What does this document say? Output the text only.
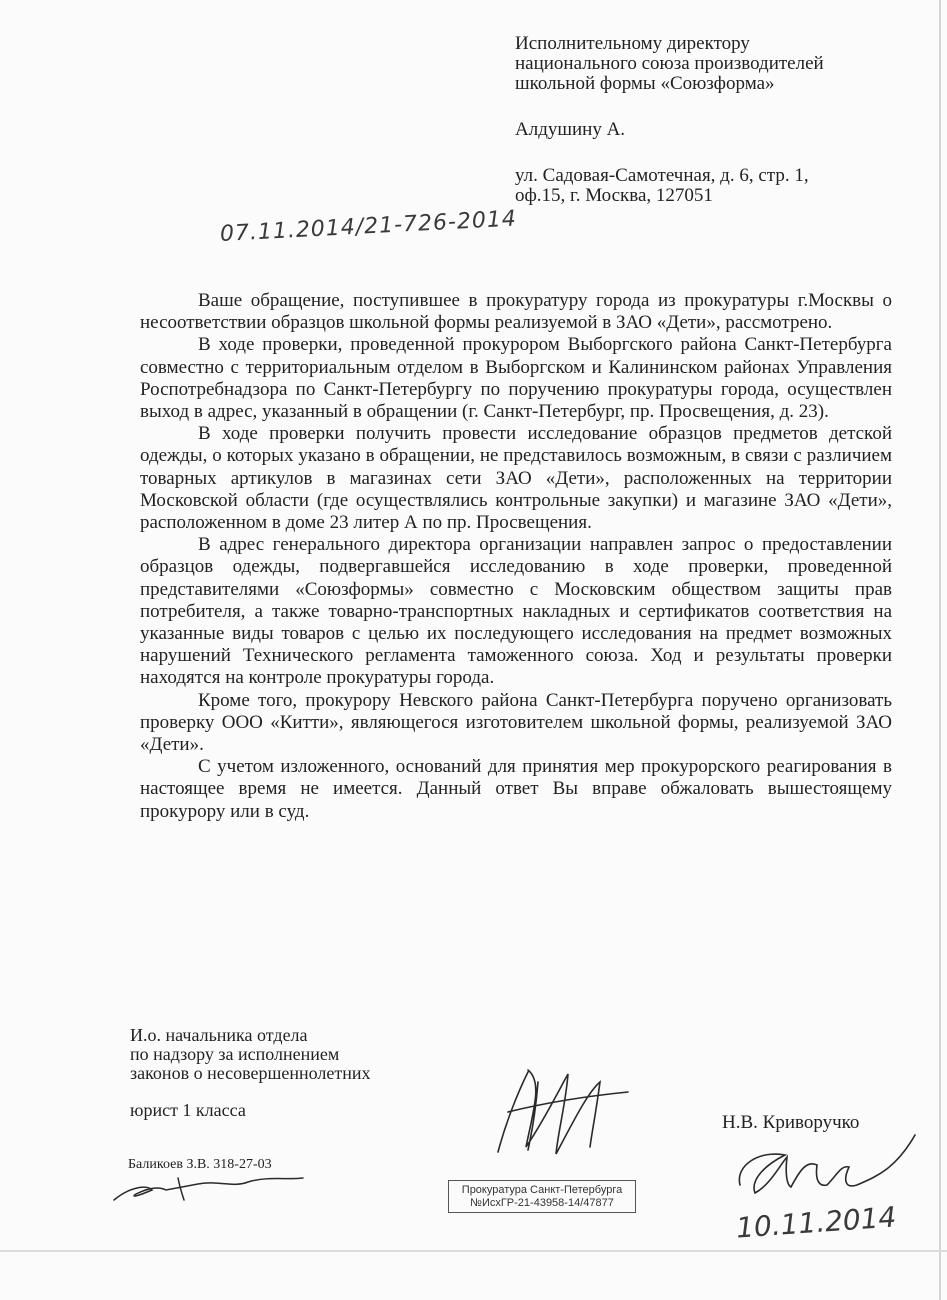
Исполнительному директору
национального союза производителей
школьной формы «Союзформа»
Алдушину А.
ул. Садовая-Самотечная, д. 6, стр. 1,
оф.15, г. Москва, 127051
07.11.2014/21-726-2014

Ваше обращение, поступившее в прокуратуру города из прокуратуры г.Москвы о несоответствии образцов школьной формы реализуемой в ЗАО «Дети», рассмотрено.

В ходе проверки, проведенной прокурором Выборгского района Санкт-Петербурга совместно с территориальным отделом в Выборгском и Калининском районах Управления Роспотребнадзора по Санкт-Петербургу по поручению прокуратуры города, осуществлен выход в адрес, указанный в обращении (г. Санкт-Петербург, пр. Просвещения, д. 23).

В ходе проверки получить провести исследование образцов предметов детской одежды, о которых указано в обращении, не представилось возможным, в связи с различием товарных артикулов в магазинах сети ЗАО «Дети», расположенных на территории Московской области (где осуществлялись контрольные закупки) и магазине ЗАО «Дети», расположенном в доме 23 литер А по пр. Просвещения.

В адрес генерального директора организации направлен запрос о предоставлении образцов одежды, подвергавшейся исследованию в ходе проверки, проведенной представителями «Союзформы» совместно с Московским обществом защиты прав потребителя, а также товарно-транспортных накладных и сертификатов соответствия на указанные виды товаров с целью их последующего исследования на предмет возможных нарушений Технического регламента таможенного союза. Ход и результаты проверки находятся на контроле прокуратуры города.

Кроме того, прокурору Невского района Санкт-Петербурга поручено организовать проверку ООО «Китти», являющегося изготовителем школьной формы, реализуемой ЗАО «Дети».

С учетом изложенного, оснований для принятия мер прокурорского реагирования в настоящее время не имеется. Данный ответ Вы вправе обжаловать вышестоящему прокурору или в суд.

И.о. начальника отдела
по надзору за исполнением
законов о несовершеннолетних
юрист 1 класса
Н.В. Криворучко
Баликоев З.В. 318-27-03
Прокуратура Санкт-Петербурга
№ИсхГР-21-43958-14/47877	10.11.2014
